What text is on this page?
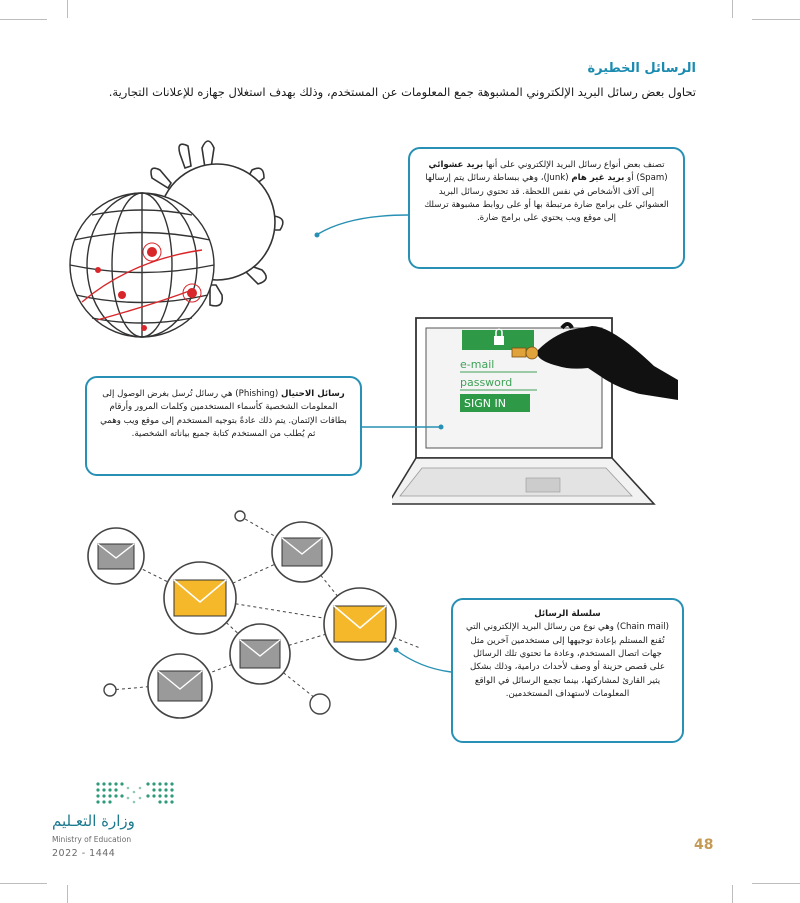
الرسائل الخطيرة

تحاول بعض رسائل البريد الإلكتروني المشبوهة جمع المعلومات عن المستخدم، وذلك بهدف استغلال جهازه للإعلانات التجارية.

e-mail
password
SIGN IN
تصنف بعض أنواع رسائل البريد الإلكتروني على أنها بريد عشوائي (Spam) أو بريد غير هام (Junk)، وهي ببساطة رسائل يتم إرسالها إلى آلاف الأشخاص في نفس اللحظة. قد تحتوي رسائل البريد العشوائي على برامج ضارة مرتبطة بها أو على روابط مشبوهة ترسلك إلى موقع ويب يحتوي على برامج ضارة.
رسائل الاحتيال (Phishing) هي رسائل تُرسل بغرض الوصول إلى المعلومات الشخصية كأسماء المستخدمين وكلمات المرور وأرقام بطاقات الإئتمان. يتم ذلك عادةً بتوجيه المستخدم إلى موقع ويب وهمي ثم يُطلب من المستخدم كتابة جميع بياناته الشخصية.
سلسلة الرسائل
(Chain mail) وهي نوع من رسائل البريد الإلكتروني التي تُقنع المستلم بإعادة توجيهها إلى مستخدمين آخرين مثل جهات اتصال المستخدم، وعادة ما تحتوي تلك الرسائل على قصص حزينة أو وصف لأحداث درامية، وذلك بشكل يثير القارئ لمشاركتها، بينما تجمع الرسائل في الواقع المعلومات لاستهداف المستخدمين.
وزارة التعـليم
Ministry of Education
2022 - 1444
48
